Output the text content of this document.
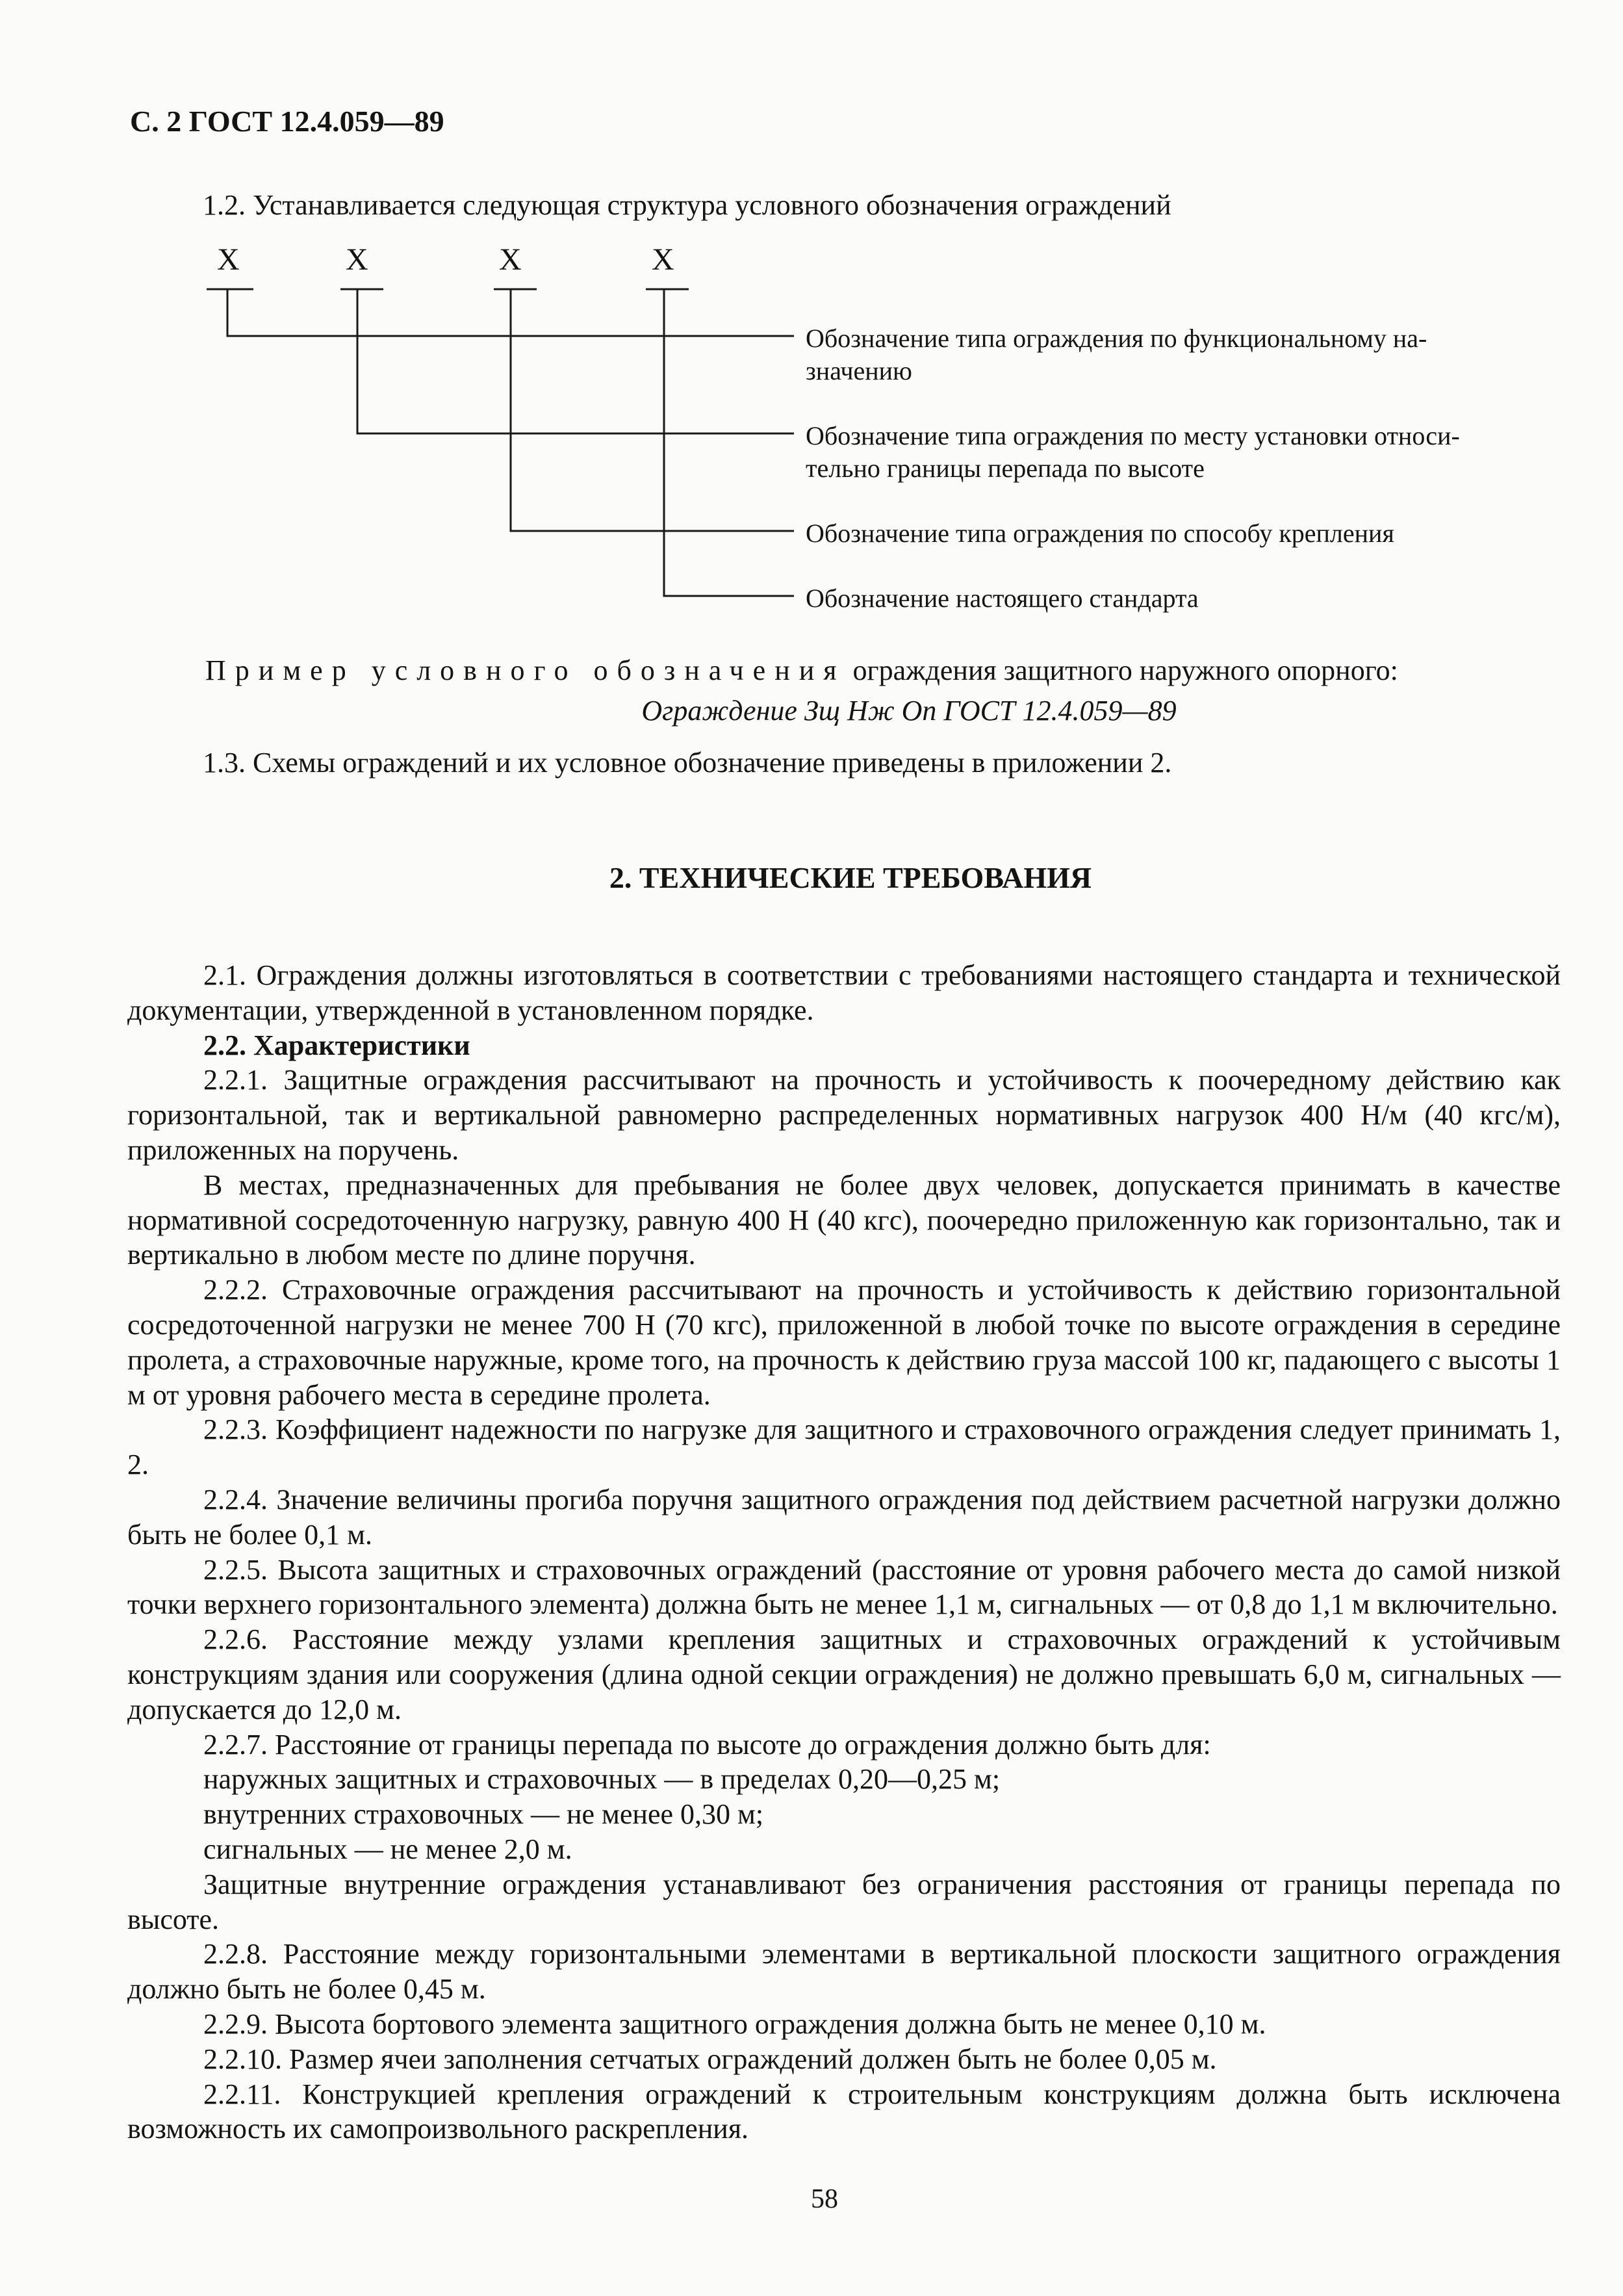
С. 2 ГОСТ 12.4.059—89
1.2. Устанавливается следующая структура условного обозначения ограждений
X	X	X	X
Обозначение типа ограждения по функциональному на-
значению
Обозначение типа ограждения по месту установки относи-
тельно границы перепада по высоте
Обозначение типа ограждения по способу крепления
Обозначение настоящего стандарта
Пример условного обозначения ограждения защитного наружного опорного:
Ограждение Зщ Нж Оп ГОСТ 12.4.059—89
1.3. Схемы ограждений и их условное обозначение приведены в приложении 2.
2. ТЕХНИЧЕСКИЕ ТРЕБОВАНИЯ

2.1. Ограждения должны изготовляться в соответствии с требованиями настоящего стандарта и технической документации, утвержденной в установленном порядке.

2.2. Характеристики

2.2.1. Защитные ограждения рассчитывают на прочность и устойчивость к поочередному действию как горизонтальной, так и вертикальной равномерно распределенных нормативных нагрузок 400 Н/м (40 кгс/м), приложенных на поручень.

В местах, предназначенных для пребывания не более двух человек, допускается принимать в качестве нормативной сосредоточенную нагрузку, равную 400 Н (40 кгс), поочередно приложенную как горизонтально, так и вертикально в любом месте по длине поручня.

2.2.2. Страховочные ограждения рассчитывают на прочность и устойчивость к действию горизонтальной сосредоточенной нагрузки не менее 700 Н (70 кгс), приложенной в любой точке по высоте ограждения в середине пролета, а страховочные наружные, кроме того, на прочность к действию груза массой 100 кг, падающего с высоты 1 м от уровня рабочего места в середине пролета.

2.2.3. Коэффициент надежности по нагрузке для защитного и страховочного ограждения следует принимать 1, 2.

2.2.4. Значение величины прогиба поручня защитного ограждения под действием расчетной нагрузки должно быть не более 0,1 м.

2.2.5. Высота защитных и страховочных ограждений (расстояние от уровня рабочего места до самой низкой точки верхнего горизонтального элемента) должна быть не менее 1,1 м, сигнальных — от 0,8 до 1,1 м включительно.

2.2.6. Расстояние между узлами крепления защитных и страховочных ограждений к устойчивым конструкциям здания или сооружения (длина одной секции ограждения) не должно превышать 6,0 м, сигнальных — допускается до 12,0 м.

2.2.7. Расстояние от границы перепада по высоте до ограждения должно быть для:

наружных защитных и страховочных — в пределах 0,20—0,25 м;

внутренних страховочных — не менее 0,30 м;

сигнальных — не менее 2,0 м.

Защитные внутренние ограждения устанавливают без ограничения расстояния от границы перепада по высоте.

2.2.8. Расстояние между горизонтальными элементами в вертикальной плоскости защитного ограждения должно быть не более 0,45 м.

2.2.9. Высота бортового элемента защитного ограждения должна быть не менее 0,10 м.

2.2.10. Размер ячеи заполнения сетчатых ограждений должен быть не более 0,05 м.

2.2.11. Конструкцией крепления ограждений к строительным конструкциям должна быть исключена возможность их самопроизвольного раскрепления.

58
